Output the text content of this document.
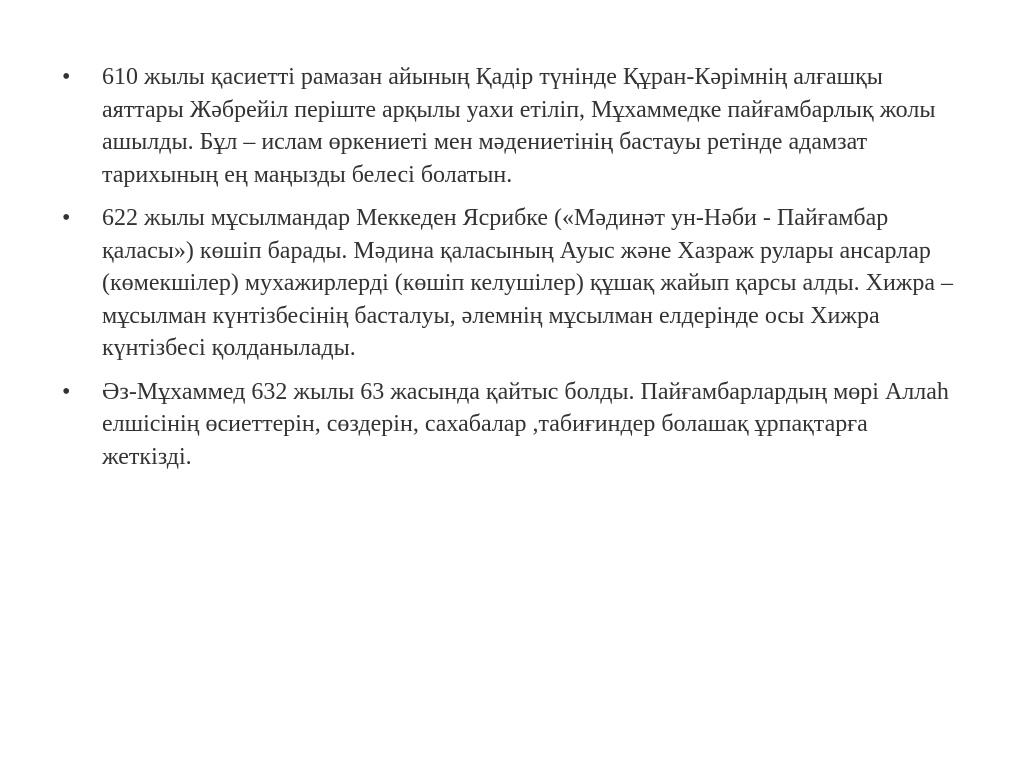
•	610 жылы қасиетті рамазан айының Қадір түнінде Құран-Кәрімнің алғашқы аяттары Жәбрейіл періште арқылы уахи етіліп, Мұхаммедке пайғамбарлық жолы ашылды. Бұл – ислам өркениеті мен мәдениетінің бастауы ретінде адамзат тарихының ең маңызды белесі болатын.
•	622 жылы мұсылмандар Меккеден Ясрибке («Мәдинәт ун-Нәби - Пайғамбар қаласы») көшіп барады. Мәдина қаласының Ауыс және Хазраж рулары ансарлар (көмекшілер) мухажирлерді (көшіп келушілер) құшақ жайып қарсы алды. Хижра – мұсылман күнтізбесінің басталуы, әлемнің мұсылман елдерінде осы Хижра күнтізбесі қолданылады.
•	Әз-Мұхаммед 632 жылы 63 жасында қайтыс болды. Пайғамбарлардың мөрі Аллаһ елшісінің өсиеттерін, сөздерін, сахабалар ,табиғиндер болашақ ұрпақтарға жеткізді.
